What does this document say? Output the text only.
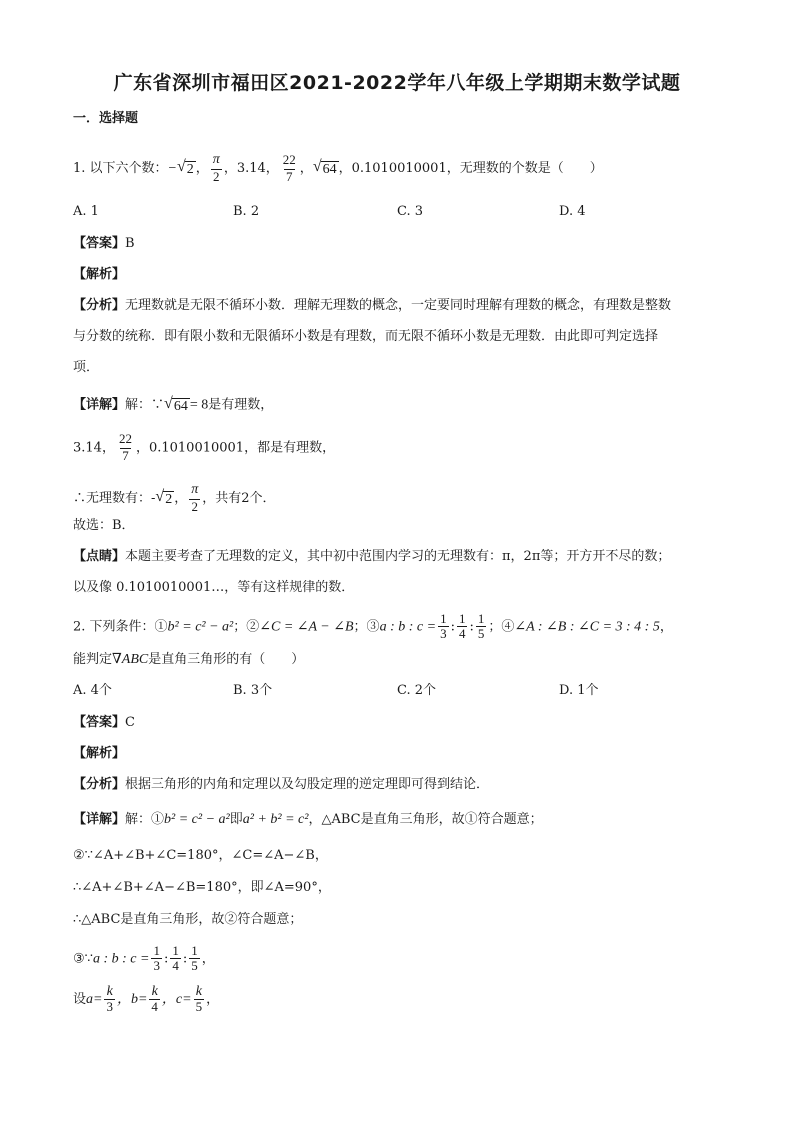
广东省深圳市福田区2021-2022学年八年级上学期期末数学试题
一．选择题
1. 以下六个数：− √ 2 ， $\frac{\pi}{2}$ ，3.14， $\frac{22}{7}$ ， √ 64 ，0.1010010001，无理数的个数是（　　）
A. 1	B. 2	C. 3	D. 4
【答案】B
【解析】
【分析】无理数就是无限不循环小数．理解无理数的概念，一定要同时理解有理数的概念，有理数是整数
与分数的统称．即有限小数和无限循环小数是有理数，而无限不循环小数是无理数．由此即可判定选择
项．
【详解】解：∵ √ 64 = 8是有理数，
3.14， $\frac{22}{7}$ ，0.1010010001，都是有理数，
∴无理数有：- √ 2 ， $\frac{\pi}{2}$ ，共有2个．
故选：B．
【点睛】本题主要考查了无理数的定义，其中初中范围内学习的无理数有：π，2π等；开方开不尽的数；
以及像 0.1010010001…，等有这样规律的数．
2. 下列条件：①b² = c² − a²；②∠C = ∠A − ∠B；③a : b : $c = \frac{1}{3}$ : $\frac{1}{4}$ : $\frac{1}{5}$ ；④∠A : ∠B : ∠C = 3 : 4 : 5，
能判定∇ABC是直角三角形的有（　　）
A. 4个	B. 3个	C. 2个	D. 1个
【答案】C
【解析】
【分析】根据三角形的内角和定理以及勾股定理的逆定理即可得到结论．
【详解】解：①b² = c² − a²即a² + b² = c²，△ABC是直角三角形，故①符合题意；
②∵∠A+∠B+∠C=180°，∠C=∠A−∠B，
∴∠A+∠B+∠A−∠B=180°，即∠A=90°，
∴△ABC是直角三角形，故②符合题意；
③∵a : b : $c = \frac{1}{3}$ : $\frac{1}{4}$ : $\frac{1}{5}$ ，
设$a= \frac{k}{3}$ ，$b= \frac{k}{4}$ ，$c= \frac{k}{5}$ ，
